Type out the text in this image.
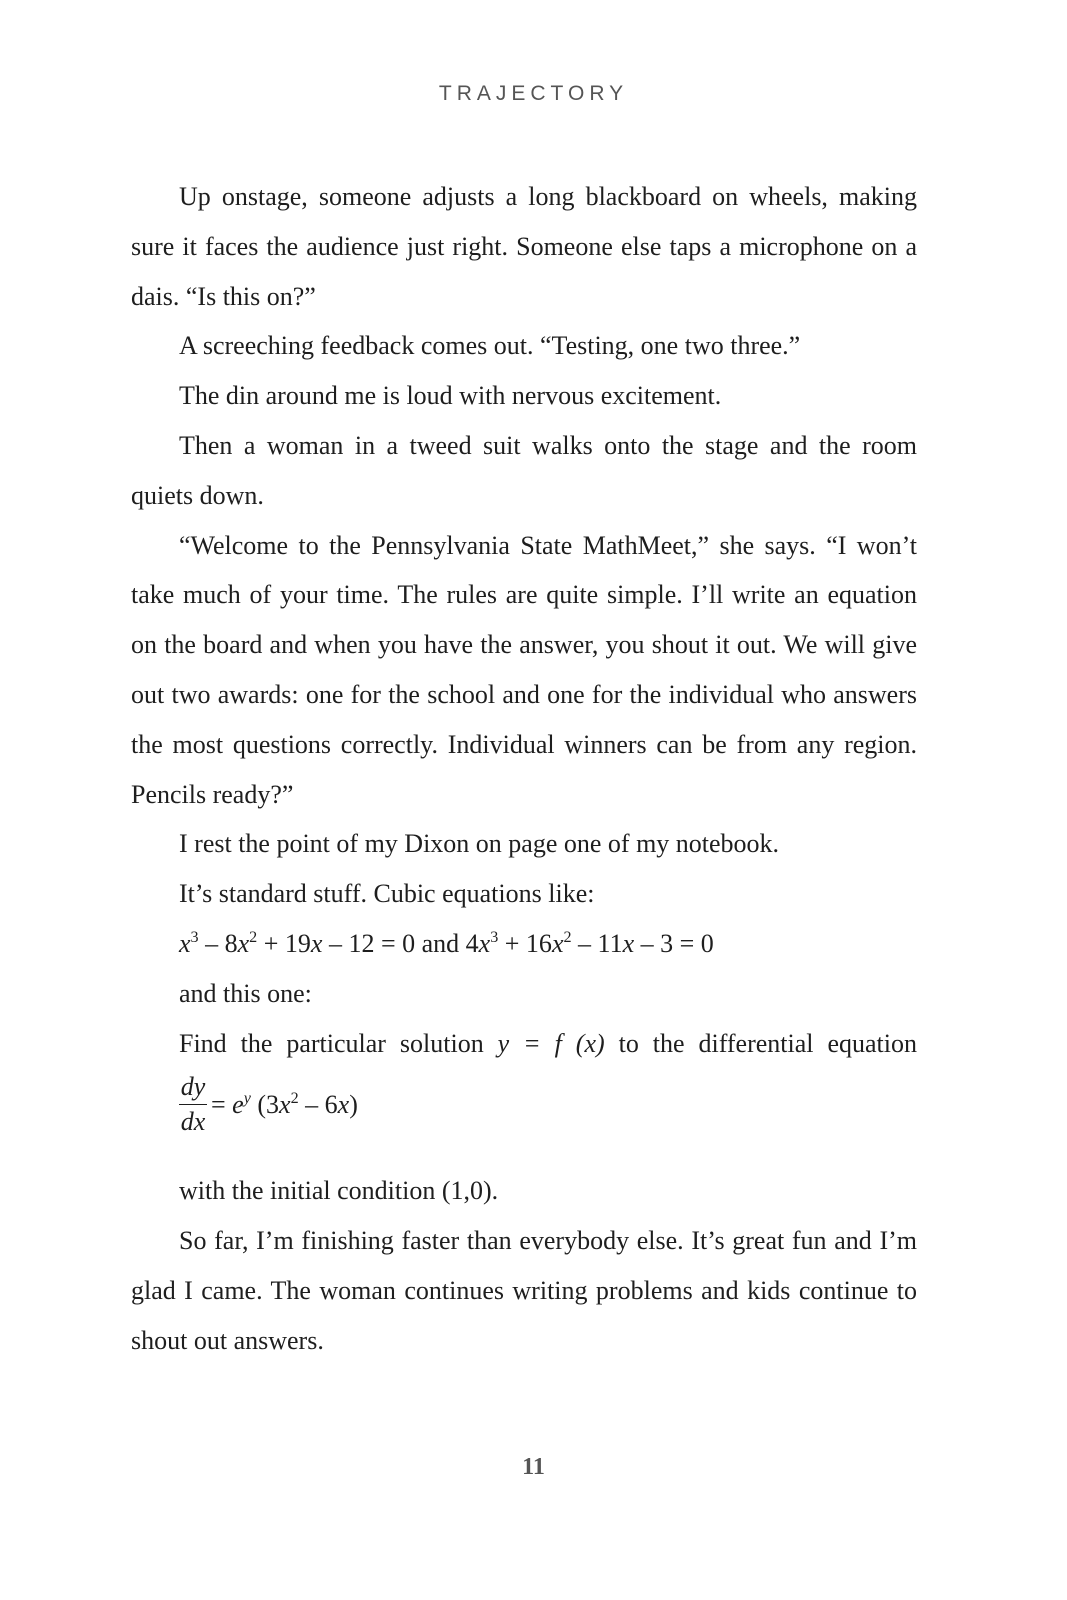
TRAJECTORY

Up onstage, someone adjusts a long blackboard on wheels, making sure it faces the audience just right. Someone else taps a microphone on a dais. “Is this on?”

A screeching feedback comes out. “Testing, one two three.”

The din around me is loud with nervous excitement.

Then a woman in a tweed suit walks onto the stage and the room quiets down.

“Welcome to the Pennsylvania State MathMeet,” she says. “I won’t take much of your time. The rules are quite simple. I’ll write an equation on the board and when you have the answer, you shout it out. We will give out two awards: one for the school and one for the individual who answers the most questions correctly. Individual winners can be from any region. Pencils ready?”

I rest the point of my Dixon on page one of my notebook.

It’s standard stuff. Cubic equations like:

$x^3 - 8x^2 + 19x - 12 = 0$ and $4x^3 + 16x^2 - 11x - 3 = 0$

and this one:

Find the particular solution y = f (x) to the differential equation

$\frac{dy}{dx} = e^y$ $(3x^2 - 6x)$

with the initial condition (1,0).

So far, I’m finishing faster than everybody else. It’s great fun and I’m glad I came. The woman continues writing problems and kids continue to shout out answers.

11
